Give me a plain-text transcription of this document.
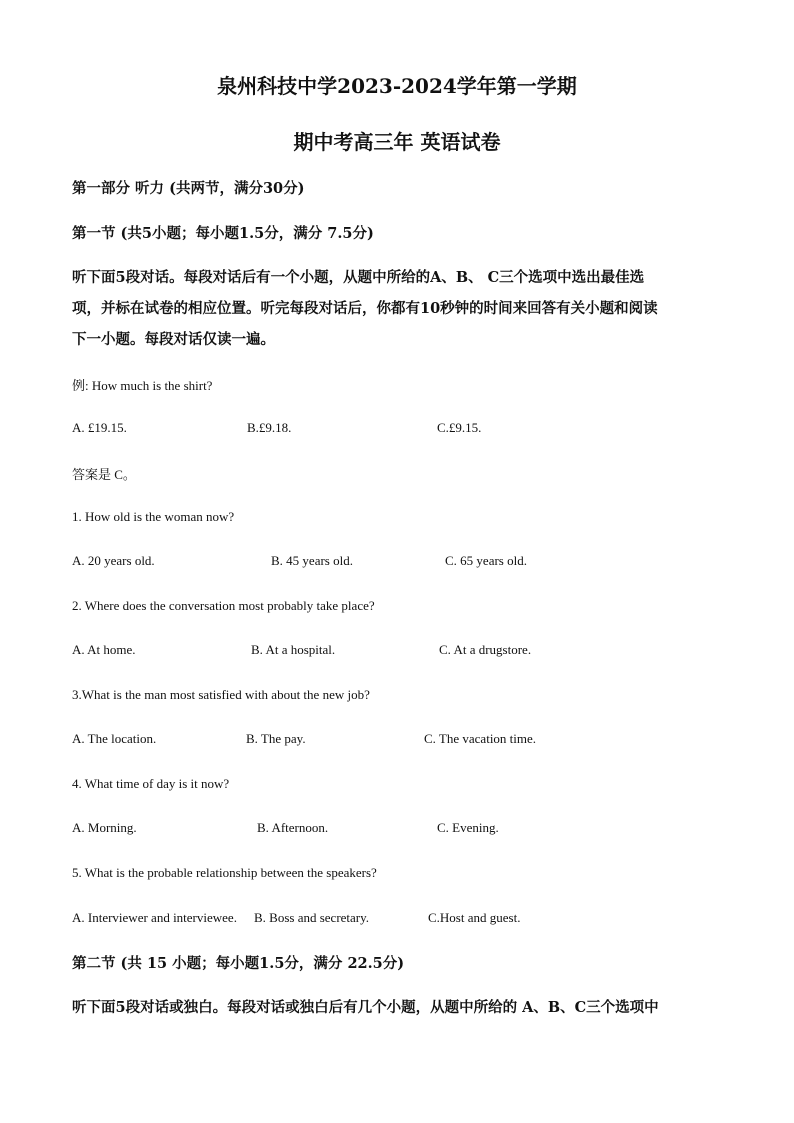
泉州科技中学2023-2024学年第一学期
期中考高三年 英语试卷
第一部分 听力 (共两节，满分30分)
第一节 (共5小题；每小题1.5分，满分 7.5分)
听下面5段对话。每段对话后有一个小题，从题中所给的A、B、 C三个选项中选出最佳选
项，并标在试卷的相应位置。听完每段对话后，你都有10秒钟的时间来回答有关小题和阅读
下一小题。每段对话仅读一遍。
例: How much is the shirt?
A. £19.15.	B.£9.18.	C.£9.15.
答案是 C。
1. How old is the woman now?
A. 20 years old.	B. 45 years old.	C. 65 years old.
2. Where does the conversation most probably take place?
A. At home.	B. At a hospital.	C. At a drugstore.
3.What is the man most satisfied with about the new job?
A. The location.	B. The pay.	C. The vacation time.
4. What time of day is it now?
A. Morning.	B. Afternoon.	C. Evening.
5. What is the probable relationship between the speakers?
A. Interviewer and interviewee. B. Boss and secretary.	C.Host and guest.
第二节 (共 15 小题；每小题1.5分，满分 22.5分)
听下面5段对话或独白。每段对话或独白后有几个小题，从题中所给的 A、B、C三个选项中
